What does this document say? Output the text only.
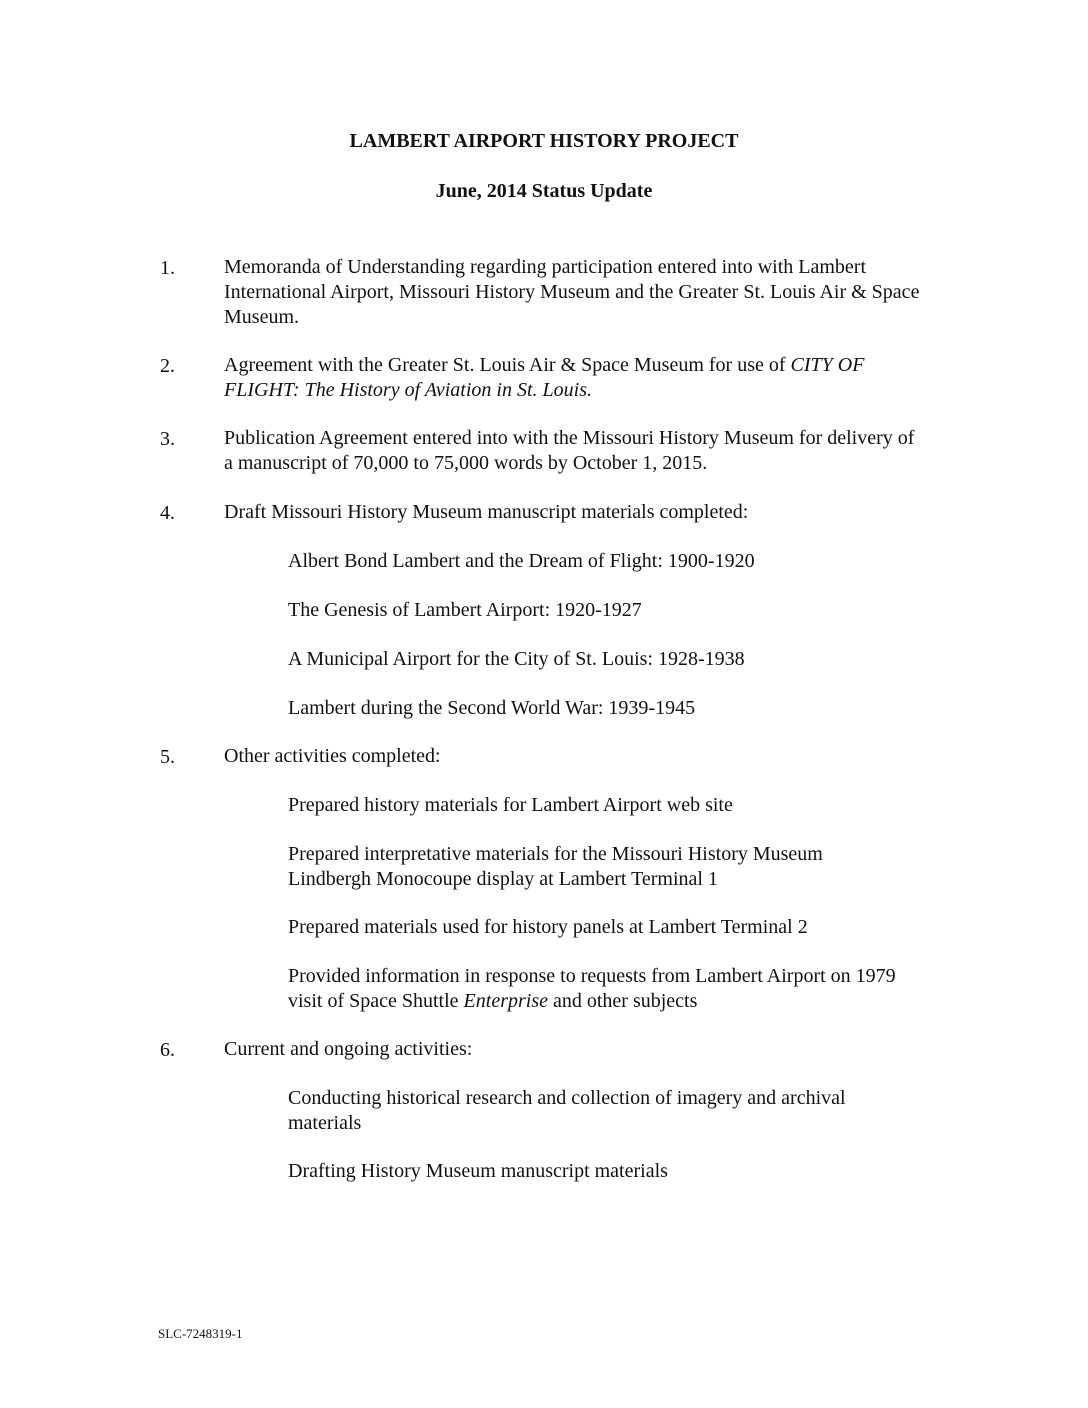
LAMBERT AIRPORT HISTORY PROJECT
June, 2014 Status Update
1. Memoranda of Understanding regarding participation entered into with Lambert International Airport, Missouri History Museum and the Greater St. Louis Air & Space Museum.
2. Agreement with the Greater St. Louis Air & Space Museum for use of CITY OF FLIGHT: The History of Aviation in St. Louis.
3. Publication Agreement entered into with the Missouri History Museum for delivery of a manuscript of 70,000 to 75,000 words by October 1, 2015.
4. Draft Missouri History Museum manuscript materials completed:
Albert Bond Lambert and the Dream of Flight: 1900-1920
The Genesis of Lambert Airport: 1920-1927
A Municipal Airport for the City of St. Louis: 1928-1938
Lambert during the Second World War: 1939-1945
5. Other activities completed:
Prepared history materials for Lambert Airport web site
Prepared interpretative materials for the Missouri History Museum Lindbergh Monocoupe display at Lambert Terminal 1
Prepared materials used for history panels at Lambert Terminal 2
Provided information in response to requests from Lambert Airport on 1979 visit of Space Shuttle Enterprise and other subjects
6. Current and ongoing activities:
Conducting historical research and collection of imagery and archival materials
Drafting History Museum manuscript materials
SLC-7248319-1
